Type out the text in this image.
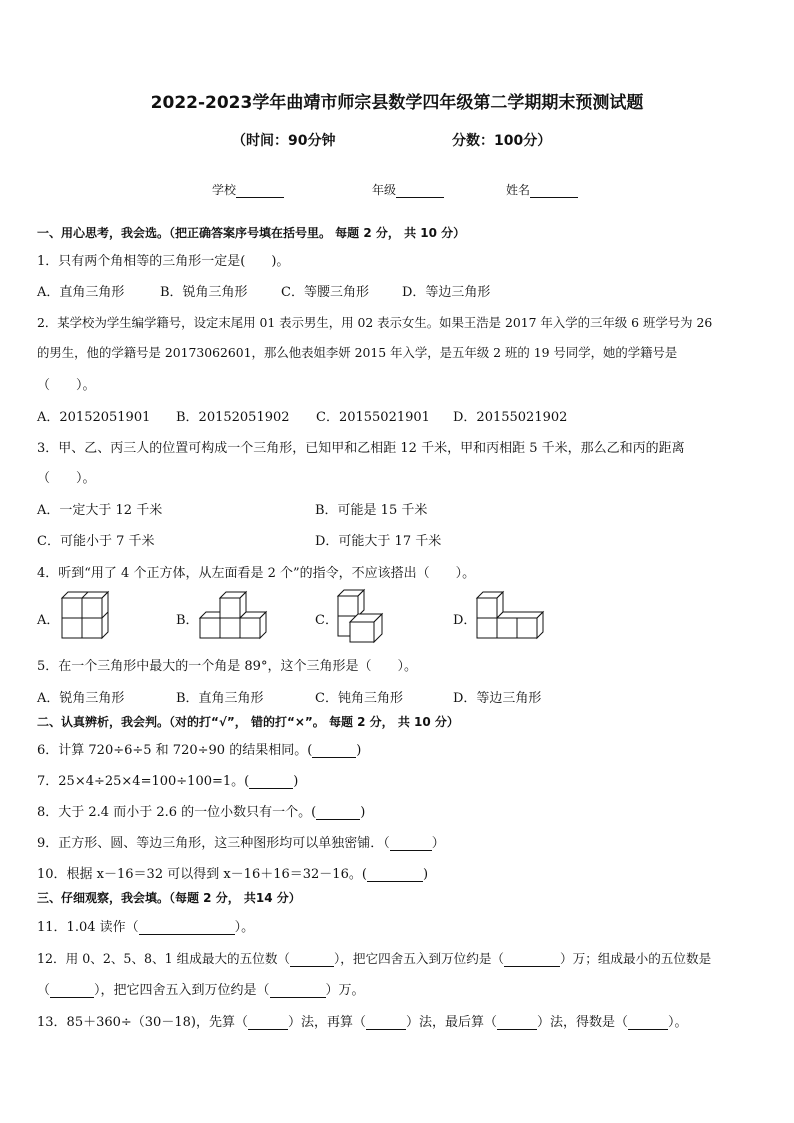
2022-2023学年曲靖市师宗县数学四年级第二学期期末预测试题
（时间：90分钟	分数：100分）
学校	年级	姓名
一、用心思考，我会选。（把正确答案序号填在括号里。 每题 2 分， 共 10 分）
1．只有两个角相等的三角形一定是(　　)。
A．直角三角形	B．锐角三角形	C．等腰三角形	D．等边三角形
2．某学校为学生编学籍号，设定末尾用 01 表示男生，用 02 表示女生。如果王浩是 2017 年入学的三年级 6 班学号为 26
的男生，他的学籍号是 20173062601，那么他表姐李妍 2015 年入学，是五年级 2 班的 19 号同学，她的学籍号是
（　　）。
A．20152051901 B．20152051902 C．20155021901 D．20155021902
3．甲、乙、丙三人的位置可构成一个三角形，已知甲和乙相距 12 千米，甲和丙相距 5 千米，那么乙和丙的距离
（　　）。
A．一定大于 12 千米	B．可能是 15 千米
C．可能小于 7 千米	D．可能大于 17 千米
4．听到“用了 4 个正方体，从左面看是 2 个”的指令，不应该搭出（　　）。
A．	B．	C．	D．
5．在一个三角形中最大的一个角是 89°，这个三角形是（　　）。
A．锐角三角形	B．直角三角形	C．钝角三角形	D．等边三角形
二、认真辨析，我会判。（对的打“√”， 错的打“×”。 每题 2 分， 共 10 分）
6．计算 720÷6÷5 和 720÷90 的结果相同。(	)
7．25×4÷25×4=100÷100=1。(	)
8．大于 2.4 而小于 2.6 的一位小数只有一个。(	)
9．正方形、圆、等边三角形，这三种图形均可以单独密铺．（	）
10．根据 x－16＝32 可以得到 x－16＋16＝32－16。(	)
三、仔细观察，我会填。（每题 2 分， 共14 分）
11．1.04 读作（	）。
12．用 0、2、5、8、1 组成最大的五位数（	），把它四舍五入到万位约是（	）万；组成最小的五位数是
（	），把它四舍五入到万位约是（	）万。
13．85＋360÷（30－18)，先算（	）法，再算（	）法，最后算（	）法，得数是（	）。
